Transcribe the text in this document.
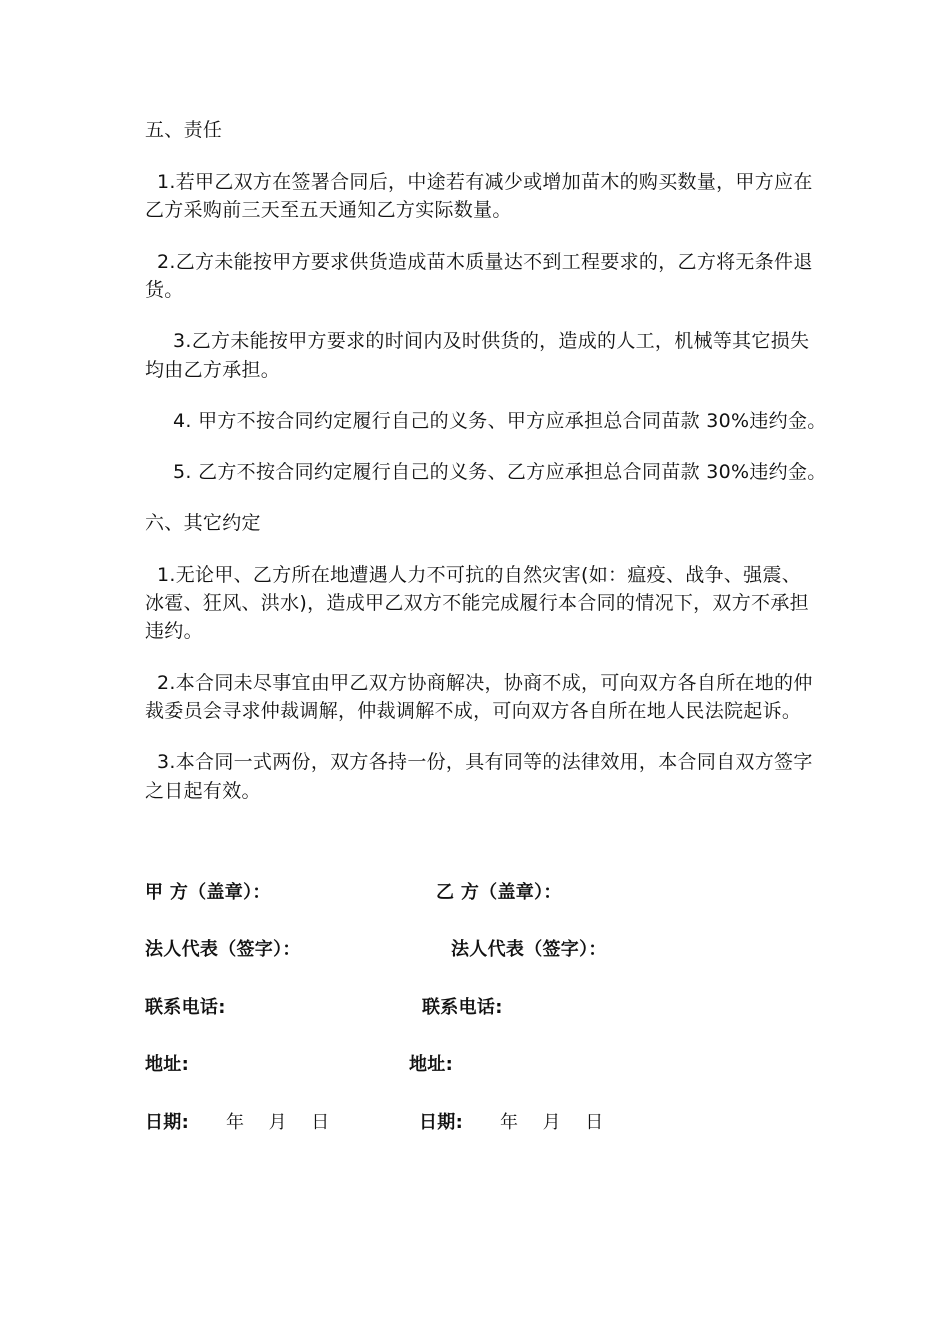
五、责任
1.若甲乙双方在签署合同后，中途若有减少或增加苗木的购买数量，甲方应在
乙方采购前三天至五天通知乙方实际数量。
2.乙方未能按甲方要求供货造成苗木质量达不到工程要求的，乙方将无条件退
货。
3.乙方未能按甲方要求的时间内及时供货的，造成的人工，机械等其它损失
均由乙方承担。
4. 甲方不按合同约定履行自己的义务、甲方应承担总合同苗款 30%违约金。
5. 乙方不按合同约定履行自己的义务、乙方应承担总合同苗款 30%违约金。
六、其它约定
1.无论甲、乙方所在地遭遇人力不可抗的自然灾害(如：瘟疫、战争、强震、
冰雹、狂风、洪水)，造成甲乙双方不能完成履行本合同的情况下，双方不承担
违约。
2.本合同未尽事宜由甲乙双方协商解决，协商不成，可向双方各自所在地的仲
裁委员会寻求仲裁调解，仲裁调解不成，可向双方各自所在地人民法院起诉。
3.本合同一式两份，双方各持一份，具有同等的法律效用，本合同自双方签字
之日起有效。
甲 方（盖章）：	乙 方（盖章）：
法人代表（签字）：	法人代表（签字）：
联系电话:	联系电话:
地址:	地址:
日期: 年　 月　 日	日期: 年　 月　 日
